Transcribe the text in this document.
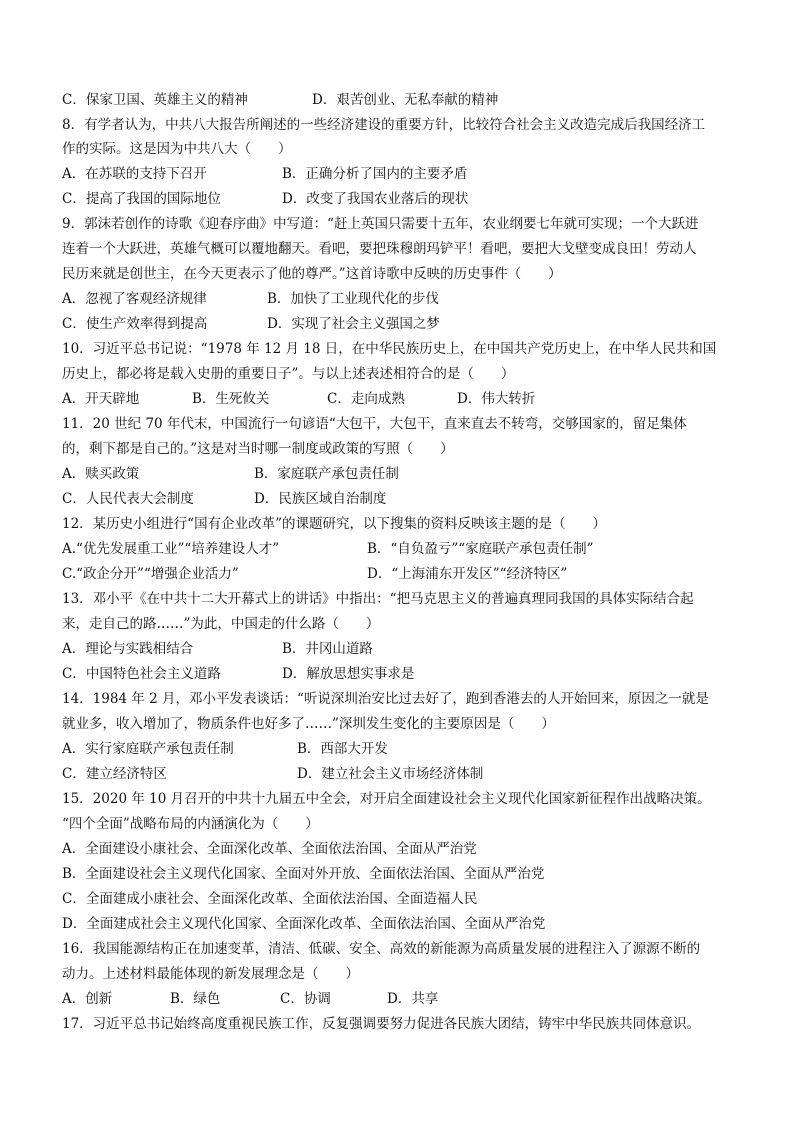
C．保家卫国、英雄主义的精神	D．艰苦创业、无私奉献的精神
8．有学者认为，中共八大报告所阐述的一些经济建设的重要方针，比较符合社会主义改造完成后我国经济工
作的实际。这是因为中共八大（　　）
A．在苏联的支持下召开	B．正确分析了国内的主要矛盾
C．提高了我国的国际地位	D．改变了我国农业落后的现状
9．郭沫若创作的诗歌《迎春序曲》中写道：“赶上英国只需要十五年，农业纲要七年就可实现；一个大跃进
连着一个大跃进，英雄气概可以覆地翻天。看吧，要把珠穆朗玛铲平！看吧，要把大戈壁变成良田！劳动人
民历来就是创世主，在今天更表示了他的尊严。”这首诗歌中反映的历史事件（　　）
A．忽视了客观经济规律	B．加快了工业现代化的步伐
C．使生产效率得到提高	D．实现了社会主义强国之梦
10．习近平总书记说：“1978 年 12 月 18 日，在中华民族历史上，在中国共产党历史上，在中华人民共和国
历史上，都必将是载入史册的重要日子”。与以上述表述相符合的是（　　）
A．开天辟地	B．生死攸关	C．走向成熟	D．伟大转折
11．20 世纪 70 年代末，中国流行一句谚语“大包干，大包干，直来直去不转弯，交够国家的，留足集体
的，剩下都是自己的。”这是对当时哪一制度或政策的写照（　　）
A．赎买政策	B．家庭联产承包责任制
C．人民代表大会制度	D．民族区域自治制度
12．某历史小组进行“国有企业改革”的课题研究，以下搜集的资料反映该主题的是（　　）
A.“优先发展重工业”“培养建设人才”	B．“自负盈亏”“家庭联产承包责任制”
C.“政企分开”“增强企业活力”	D．“上海浦东开发区”“经济特区”
13．邓小平《在中共十二大开幕式上的讲话》中指出：“把马克思主义的普遍真理同我国的具体实际结合起
来，走自己的路……”为此，中国走的什么路（　　）
A．理论与实践相结合	B．井冈山道路
C．中国特色社会主义道路	D．解放思想实事求是
14．1984 年 2 月，邓小平发表谈话：“听说深圳治安比过去好了，跑到香港去的人开始回来，原因之一就是
就业多，收入增加了，物质条件也好多了……”深圳发生变化的主要原因是（　　）
A．实行家庭联产承包责任制	B．西部大开发
C．建立经济特区	D．建立社会主义市场经济体制
15．2020 年 10 月召开的中共十九届五中全会，对开启全面建设社会主义现代化国家新征程作出战略决策。
“四个全面”战略布局的内涵演化为（　　）
A．全面建设小康社会、全面深化改革、全面依法治国、全面从严治党
B．全面建设社会主义现代化国家、全面对外开放、全面依法治国、全面从严治党
C．全面建成小康社会、全面深化改革、全面依法治国、全面造福人民
D．全面建成社会主义现代化国家、全面深化改革、全面依法治国、全面从严治党
16．我国能源结构正在加速变革，清洁、低碳、安全、高效的新能源为高质量发展的进程注入了源源不断的
动力。上述材料最能体现的新发展理念是（　　）
A．创新	B．绿色	C．协调	D．共享
17．习近平总书记始终高度重视民族工作，反复强调要努力促进各民族大团结，铸牢中华民族共同体意识。
